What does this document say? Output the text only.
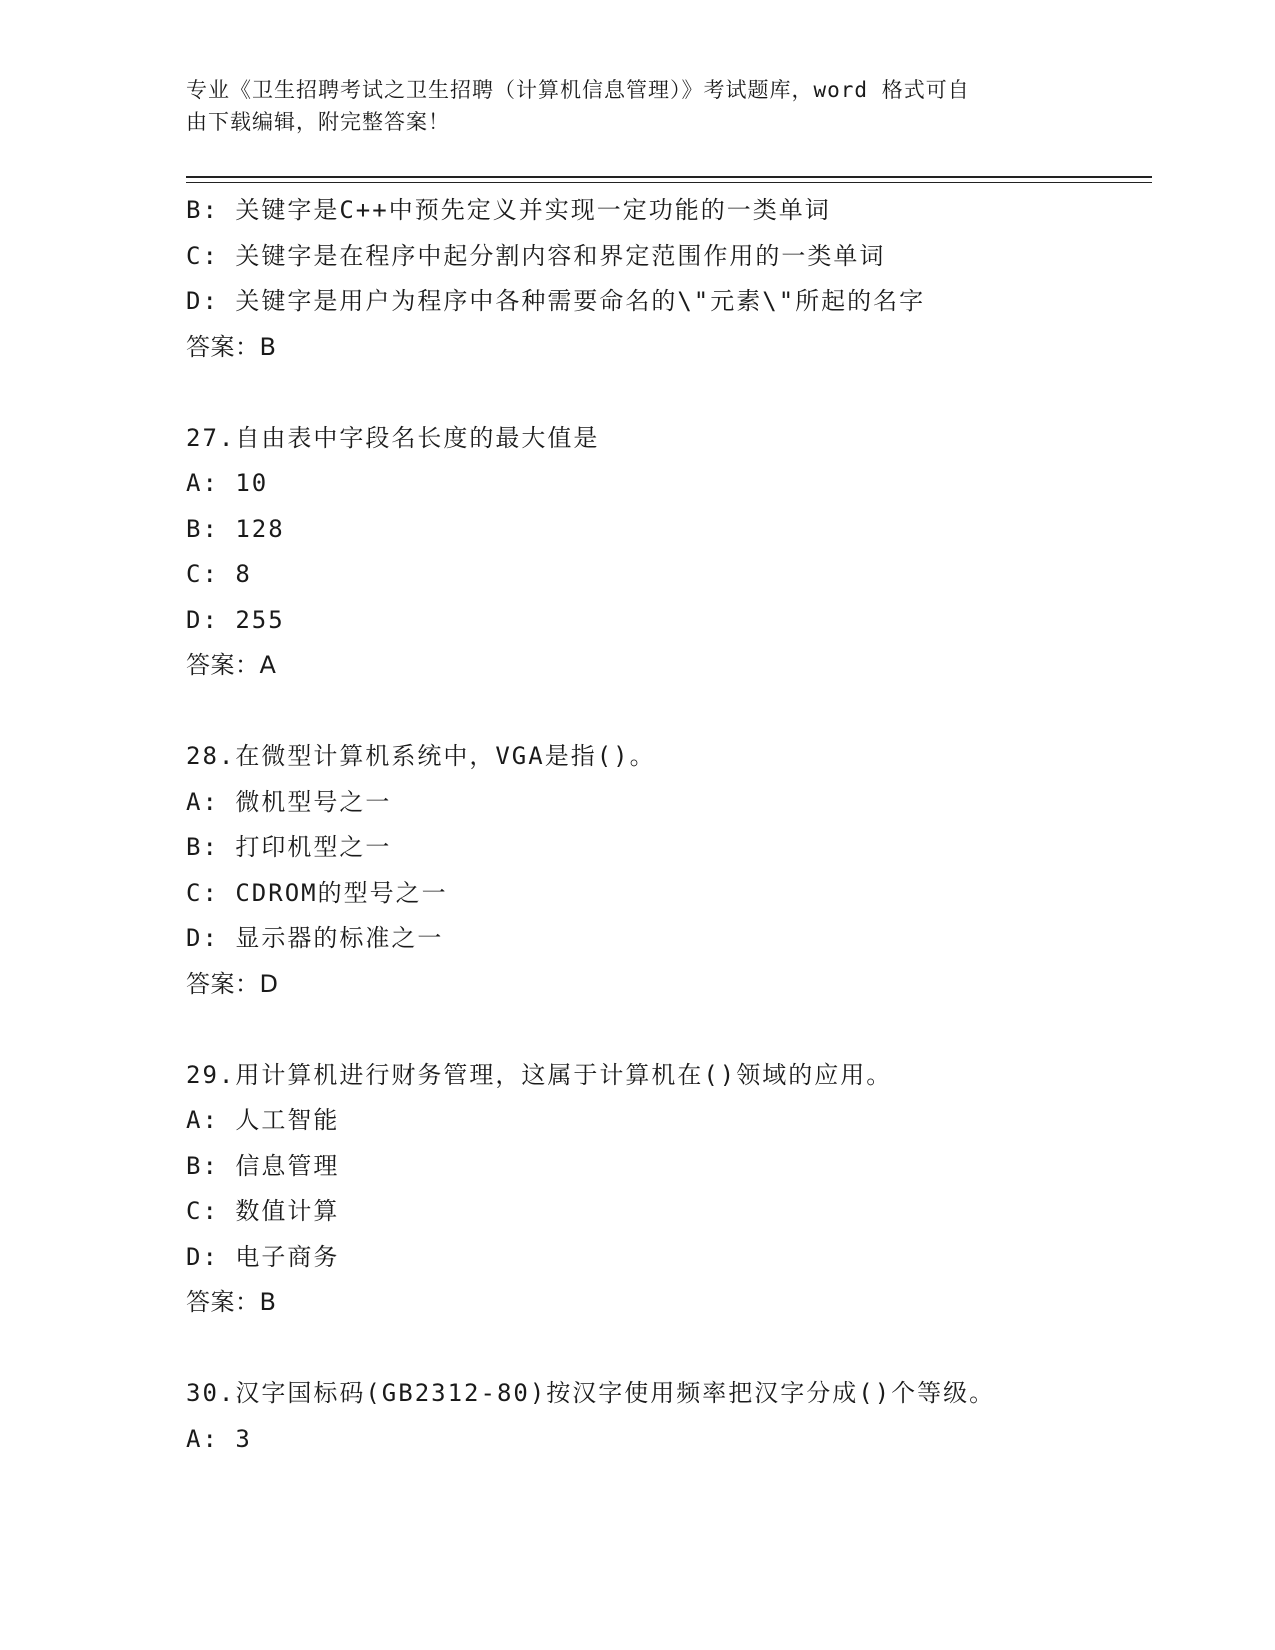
专业《卫生招聘考试之卫生招聘（计算机信息管理）》考试题库，word 格式可自
由下载编辑，附完整答案！
B: 关键字是C++中预先定义并实现一定功能的一类单词
C: 关键字是在程序中起分割内容和界定范围作用的一类单词
D: 关键字是用户为程序中各种需要命名的\"元素\"所起的名字
答案：B
27.自由表中字段名长度的最大值是
A: 10
B: 128
C: 8
D: 255
答案：A
28.在微型计算机系统中，VGA是指()。
A: 微机型号之一
B: 打印机型之一
C: CDROM的型号之一
D: 显示器的标准之一
答案：D
29.用计算机进行财务管理，这属于计算机在()领域的应用。
A: 人工智能
B: 信息管理
C: 数值计算
D: 电子商务
答案：B
30.汉字国标码(GB2312-80)按汉字使用频率把汉字分成()个等级。
A: 3
